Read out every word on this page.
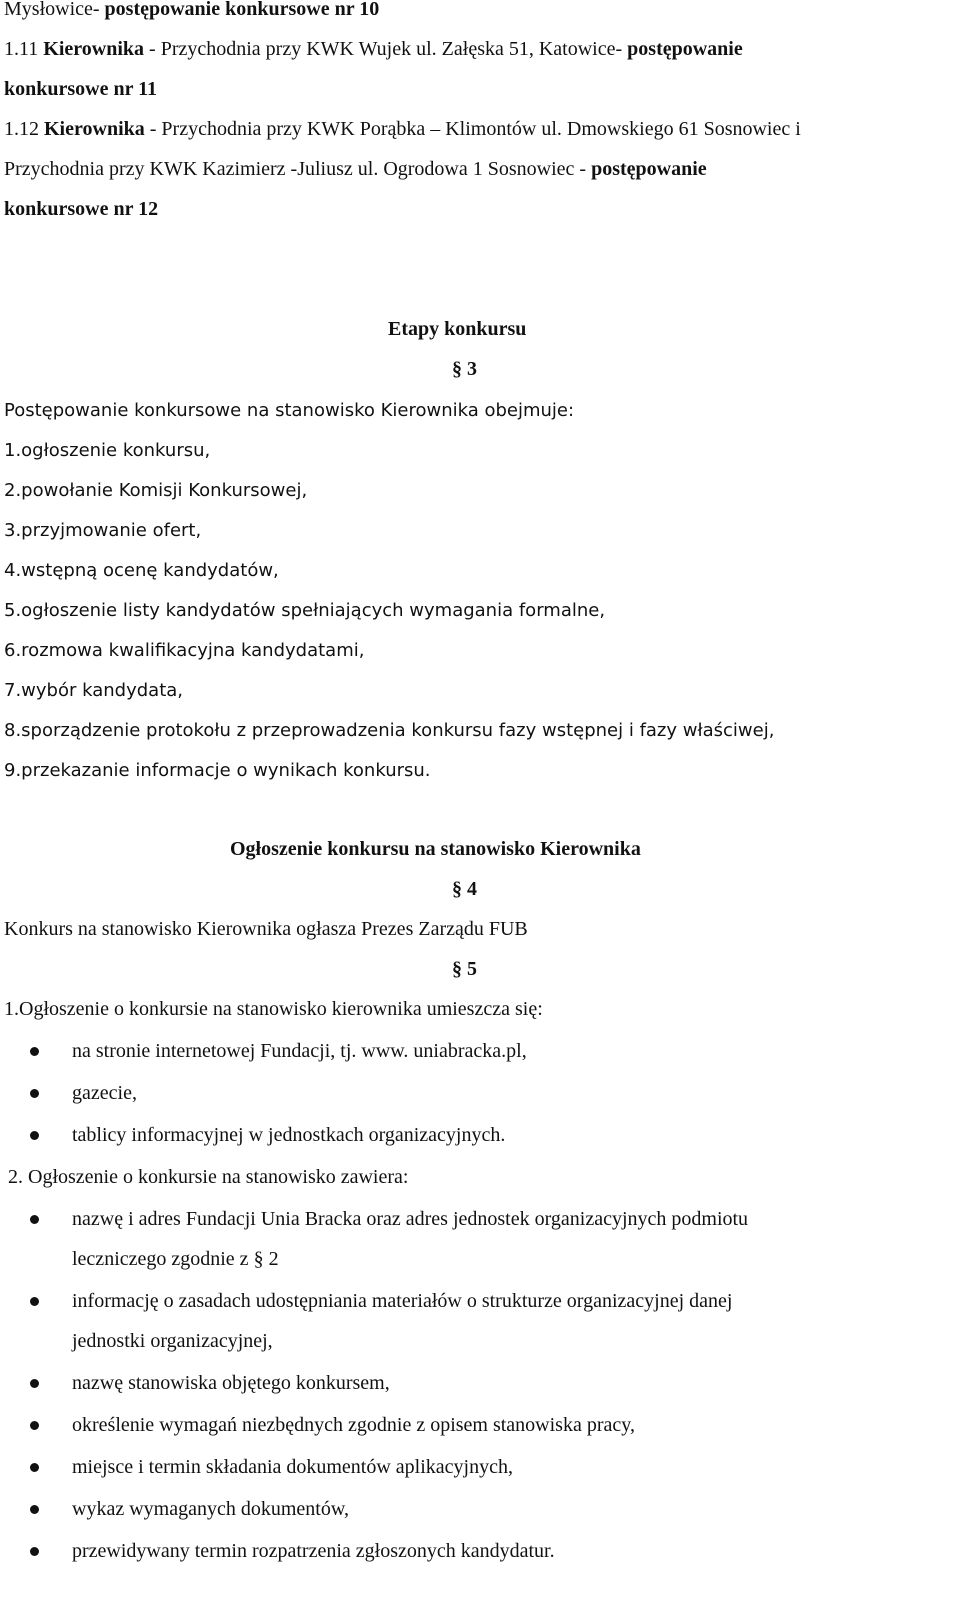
Mysłowice- postępowanie konkursowe nr 10
1.11 Kierownika - Przychodnia przy KWK Wujek ul. Załęska 51, Katowice- postępowanie
konkursowe nr 11
1.12 Kierownika - Przychodnia przy KWK Porąbka – Klimontów ul. Dmowskiego 61 Sosnowiec i
Przychodnia przy KWK Kazimierz -Juliusz ul. Ogrodowa 1 Sosnowiec - postępowanie
konkursowe nr 12
Etapy konkursu
§ 3
Postępowanie konkursowe na stanowisko Kierownika obejmuje:
1.ogłoszenie konkursu,
2.powołanie Komisji Konkursowej,
3.przyjmowanie ofert,
4.wstępną ocenę kandydatów,
5.ogłoszenie listy kandydatów spełniających wymagania formalne,
6.rozmowa kwalifikacyjna kandydatami,
7.wybór kandydata,
8.sporządzenie protokołu z przeprowadzenia konkursu fazy wstępnej i fazy właściwej,
9.przekazanie informacje o wynikach konkursu.
Ogłoszenie konkursu na stanowisko Kierownika
§ 4
Konkurs na stanowisko Kierownika ogłasza Prezes Zarządu FUB
§ 5
1.Ogłoszenie o konkursie na stanowisko kierownika umieszcza się:
na stronie internetowej Fundacji, tj. www. uniabracka.pl,
gazecie,
tablicy informacyjnej w jednostkach organizacyjnych.
2. Ogłoszenie o konkursie na stanowisko zawiera:
nazwę i adres Fundacji Unia Bracka oraz adres jednostek organizacyjnych podmiotu
leczniczego zgodnie z § 2
informację o zasadach udostępniania materiałów o strukturze organizacyjnej danej
jednostki organizacyjnej,
nazwę stanowiska objętego konkursem,
określenie wymagań niezbędnych zgodnie z opisem stanowiska pracy,
miejsce i termin składania dokumentów aplikacyjnych,
wykaz wymaganych dokumentów,
przewidywany termin rozpatrzenia zgłoszonych kandydatur.
